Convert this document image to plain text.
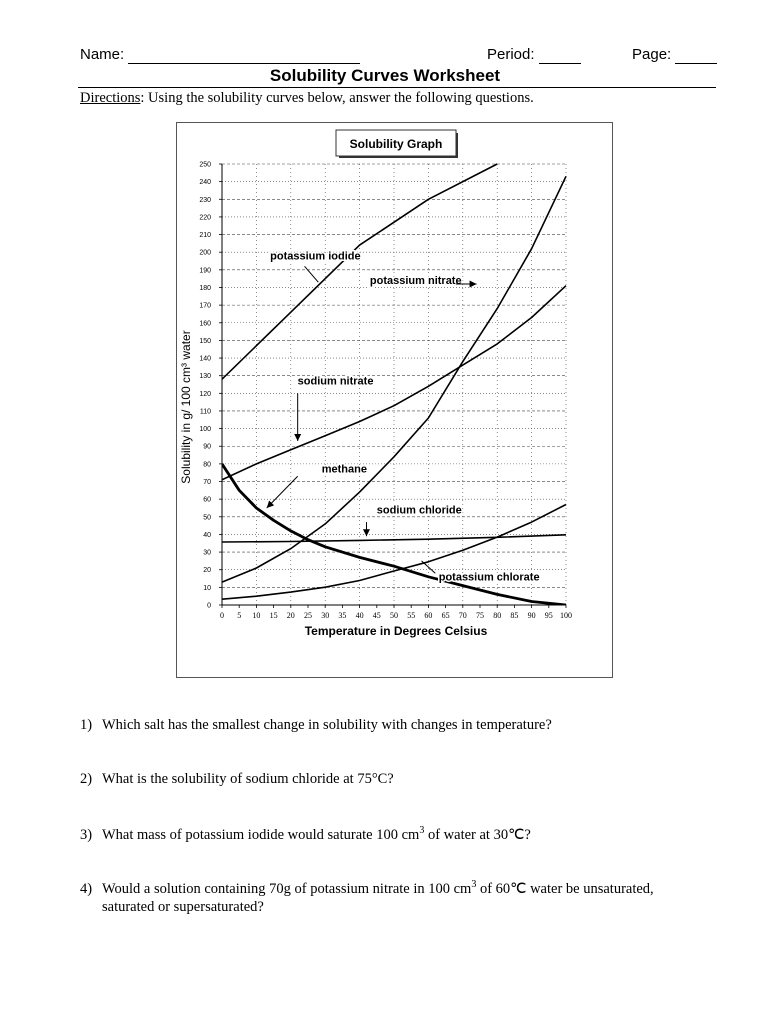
Name:	Period:	Page:
Solubility Curves Worksheet
Directions: Using the solubility curves below, answer the following questions.
0
10
20
30
40
50
60
70
80
90
100
110
120
130
140
150
160
170
180
190
200
210
220
230
240
250
0 5 10 15 20 25 30 35 40 45 50 55 60 65 70 75 80 85 90 95 100
potassium iodide
potassium nitrate
sodium nitrate
methane
sodium chloride
potassium chlorate
Solubility Graph
Temperature in Degrees Celsius
Solubility in g/ 100 cm³ water
1) Which salt has the smallest change in solubility with changes in temperature?
2) What is the solubility of sodium chloride at 75°C?
3) What mass of potassium iodide would saturate 100 $cm^3$ of water at 30℃?
4) Would a solution containing 70g of potassium nitrate in 100 $cm^3$ of 60℃ water be unsaturated,
saturated or supersaturated?
